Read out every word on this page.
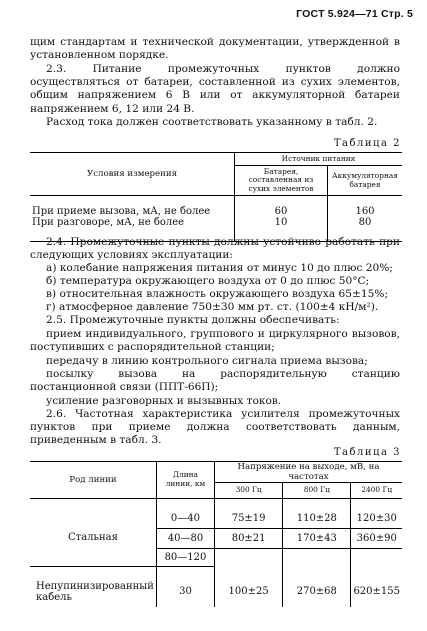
ГОСТ 5.924—71 Стр. 5

щим стандартам и технической документации, утвержденной в установленном порядке.

2.3. Питание промежуточных пунктов должно осуществляться от батареи, составленной из сухих элементов, общим напряжением 6 В или от аккумуляторной батареи напряжением 6, 12 или 24 В.

Расход тока должен соответствовать указанному в табл. 2.

Таблица 2
Условия измерения	Источник питания	
	Батарея, составленная из сухих элементов	Аккумуляторная батарея

При приеме вызова, мА, не более	60	160
При разговоре, мА, не более	10	80

2.4. Промежуточные пункты должны устойчиво работать при следующих условиях эксплуатации:

а) колебание напряжения питания от минус 10 до плюс 20%;

б) температура окружающего воздуха от 0 до плюс 50°С;

в) относительная влажность окружающего воздуха 65±15%;

г) атмосферное давление 750±30 мм рт. ст. (100±4 кН/м²).

2.5. Промежуточные пункты должны обеспечивать:

прием индивидуального, группового и циркулярного вызовов, поступивших с распорядительной станции;

передачу в линию контрольного сигнала приема вызова;

посылку вызова на распорядительную станцию постанционной связи (ППТ-66П);

усиление разговорных и вызывных токов.

2.6. Частотная характеристика усилителя промежуточных пунктов при приеме должна соответствовать данным, приведенным в табл. 3.

Таблица 3
Род линии	Длина линии, км	Напряжение на выходе, мВ, на частотах		
		300 Гц	800 Гц	2400 Гц

Стальная	0—40	75±19	110±28	120±30
	40—80	80±21	170±43	360±90
	80—120			

Непупинизированный кабель	30	100±25	270±68	620±155
